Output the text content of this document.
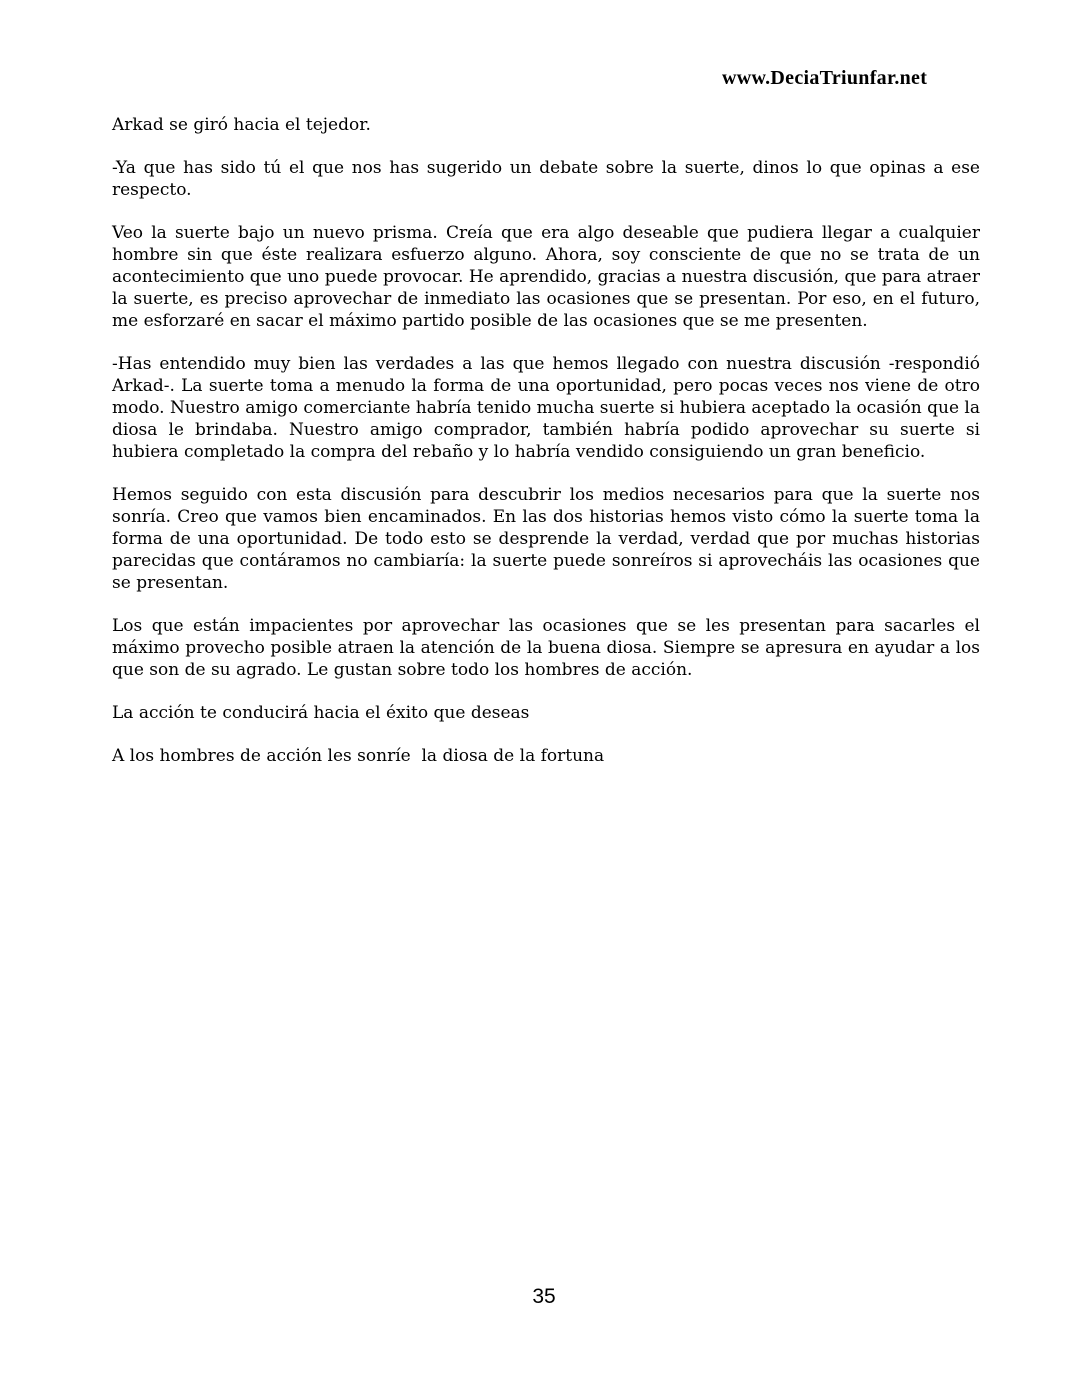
www.DeciaTriunfar.net

Arkad se giró hacia el tejedor.

-Ya que has sido tú el que nos has sugerido un debate sobre la suerte, dinos lo que opinas a ese respecto.

Veo la suerte bajo un nuevo prisma. Creía que era algo deseable que pudiera llegar a cualquier hombre sin que éste realizara esfuerzo alguno. Ahora, soy consciente de que no se trata de un acontecimiento que uno puede provocar. He aprendido, gracias a nuestra discusión, que para atraer la suerte, es preciso aprovechar de inmediato las ocasiones que se presentan. Por eso, en el futuro, me esforzaré en sacar el máximo partido posible de las ocasiones que se me presenten.

-Has entendido muy bien las verdades a las que hemos llegado con nuestra discusión -respondió Arkad-. La suerte toma a menudo la forma de una oportunidad, pero pocas veces nos viene de otro modo. Nuestro amigo comerciante habría tenido mucha suerte si hubiera aceptado la ocasión que la diosa le brindaba. Nuestro amigo comprador, también habría podido aprovechar su suerte si hubiera completado la compra del rebaño y lo habría vendido consiguiendo un gran beneficio.

Hemos seguido con esta discusión para descubrir los medios necesarios para que la suerte nos sonría. Creo que vamos bien encaminados. En las dos historias hemos visto cómo la suerte toma la forma de una oportunidad. De todo esto se desprende la verdad, verdad que por muchas historias parecidas que contáramos no cambiaría: la suerte puede sonreíros si aprovecháis las ocasiones que se presentan.

Los que están impacientes por aprovechar las ocasiones que se les presentan para sacarles el máximo provecho posible atraen la atención de la buena diosa. Siempre se apresura en ayudar a los que son de su agrado. Le gustan sobre todo los hombres de acción.

La acción te conducirá hacia el éxito que deseas

A los hombres de acción les sonríe  la diosa de la fortuna

35
